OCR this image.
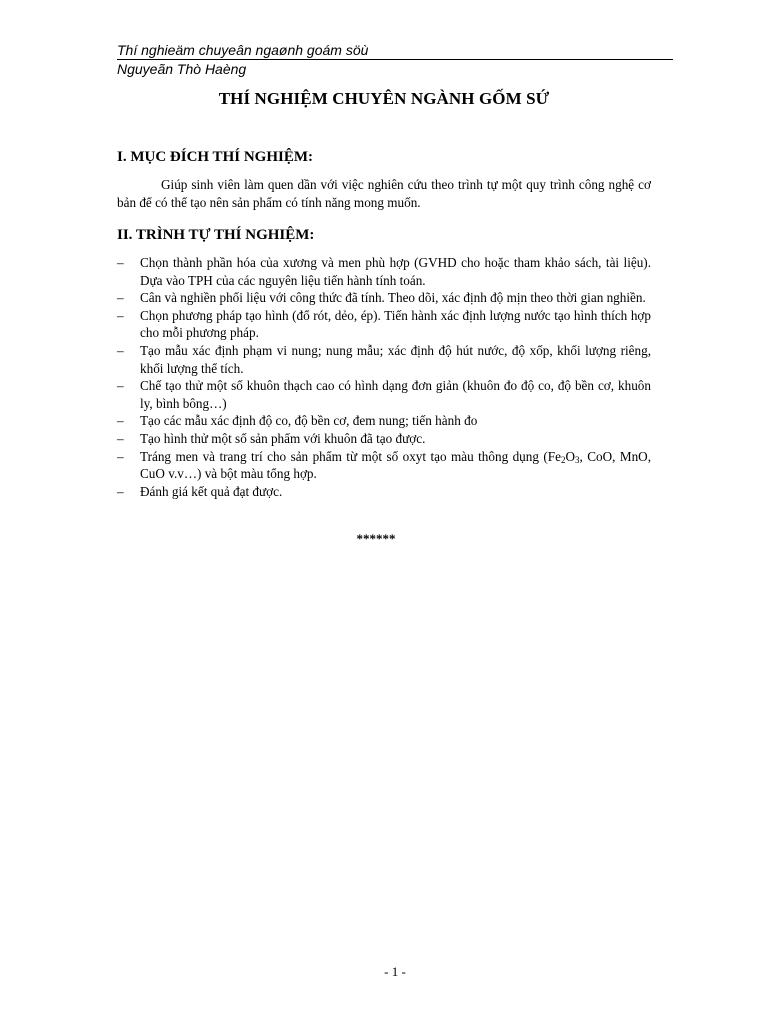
Thí nghieäm chuyeân ngaønh goám söù
Nguyeãn Thò Haèng
THÍ NGHIỆM CHUYÊN NGÀNH GỐM SỨ
I. MỤC ĐÍCH THÍ NGHIỆM:
Giúp sinh viên làm quen dần với việc nghiên cứu theo trình tự một quy trình công nghệ cơ bản để có thể tạo nên sản phẩm có tính năng mong muốn.
II. TRÌNH TỰ THÍ NGHIỆM:
– Chọn thành phần hóa của xương và men phù hợp (GVHD cho hoặc tham khảo sách, tài liệu). Dựa vào TPH của các nguyên liệu tiến hành tính toán.
– Cân và nghiền phối liệu với công thức đã tính. Theo dõi, xác định độ mịn theo thời gian nghiền.
– Chọn phương pháp tạo hình (đổ rót, dẻo, ép). Tiến hành xác định lượng nước tạo hình thích hợp cho mỗi phương pháp.
– Tạo mẫu xác định phạm vi nung; nung mẫu; xác định độ hút nước, độ xốp, khối lượng riêng, khối lượng thể tích.
– Chế tạo thử một số khuôn thạch cao có hình dạng đơn giản (khuôn đo độ co, độ bền cơ, khuôn ly, bình bông…)
– Tạo các mẫu xác định độ co, độ bền cơ, đem nung; tiến hành đo
– Tạo hình thử một số sản phẩm với khuôn đã tạo được.
– Tráng men và trang trí cho sản phẩm từ một số oxyt tạo màu thông dụng ($Fe_2O_3$, CoO, MnO, CuO v.v…) và bột màu tổng hợp.
– Đánh giá kết quả đạt được.
******
- 1 -
